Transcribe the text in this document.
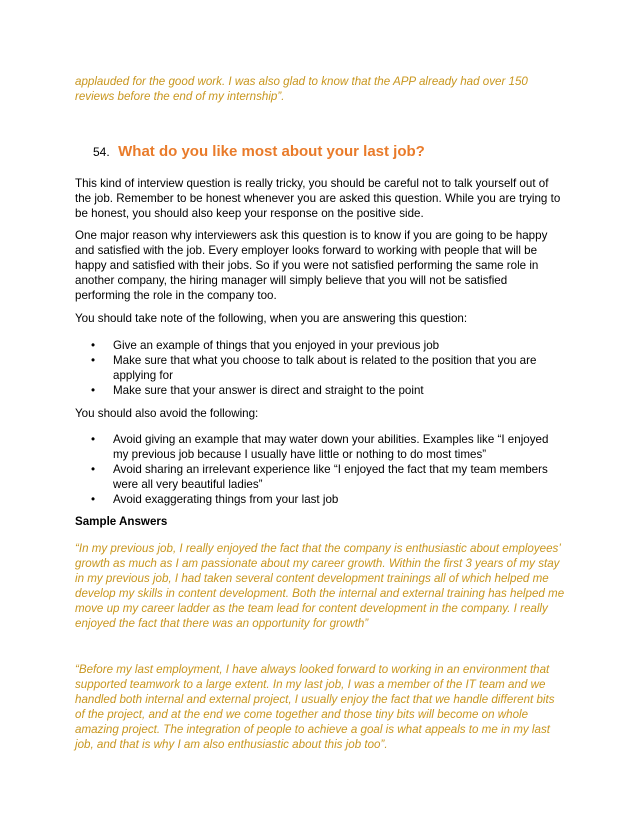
applauded for the good work. I was also glad to know that the APP already had over 150 reviews before the end of my internship”.
54. What do you like most about your last job?
This kind of interview question is really tricky, you should be careful not to talk yourself out of the job. Remember to be honest whenever you are asked this question. While you are trying to be honest, you should also keep your response on the positive side.
One major reason why interviewers ask this question is to know if you are going to be happy and satisfied with the job. Every employer looks forward to working with people that will be happy and satisfied with their jobs. So if you were not satisfied performing the same role in another company, the hiring manager will simply believe that you will not be satisfied performing the role in the company too.
You should take note of the following, when you are answering this question:
• Give an example of things that you enjoyed in your previous job
• Make sure that what you choose to talk about is related to the position that you are applying for
• Make sure that your answer is direct and straight to the point
You should also avoid the following:
• Avoid giving an example that may water down your abilities. Examples like “I enjoyed my previous job because I usually have little or nothing to do most times”
• Avoid sharing an irrelevant experience like “I enjoyed the fact that my team members were all very beautiful ladies”
• Avoid exaggerating things from your last job
Sample Answers
“In my previous job, I really enjoyed the fact that the company is enthusiastic about employees’ growth as much as I am passionate about my career growth. Within the first 3 years of my stay in my previous job, I had taken several content development trainings all of which helped me develop my skills in content development. Both the internal and external training has helped me move up my career ladder as the team lead for content development in the company. I really enjoyed the fact that there was an opportunity for growth”
“Before my last employment, I have always looked forward to working in an environment that supported teamwork to a large extent. In my last job, I was a member of the IT team and we handled both internal and external project, I usually enjoy the fact that we handle different bits of the project, and at the end we come together and those tiny bits will become on whole amazing project. The integration of people to achieve a goal is what appeals to me in my last job, and that is why I am also enthusiastic about this job too”.
